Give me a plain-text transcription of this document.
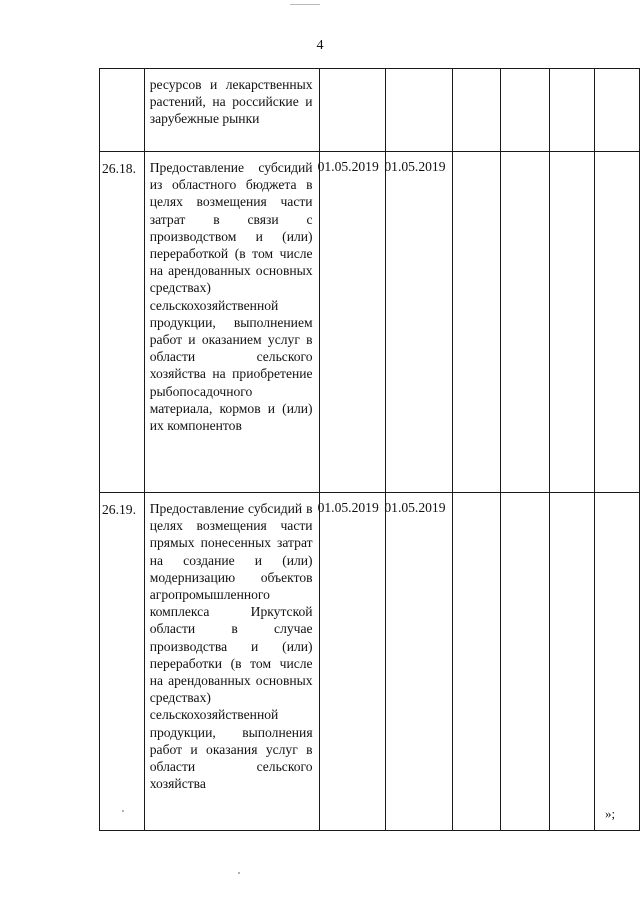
4

	ресурсов и лекарственных растений, на российские и зарубежные рынки						

26.18.	Предоставление субсидий из областного бюджета в целях возмещения части затрат в связи с производством и (или) переработкой (в том числе на арендованных основных средствах) сельскохозяйственной продукции, выполнением работ и оказанием услуг в области сельского хозяйства на приобретение рыбопосадочного материала, кормов и (или) их компонентов	01.05.2019	01.05.2019				

26.19.	Предоставление субсидий в целях возмещения части прямых понесенных затрат на создание и (или) модернизацию объектов агропромышленного комплекса Иркутской области в случае производства и (или) переработки (в том числе на арендованных основных средствах) сельскохозяйственной продукции, выполнения работ и оказания услуг в области сельского хозяйства	01.05.2019	01.05.2019				

»;
